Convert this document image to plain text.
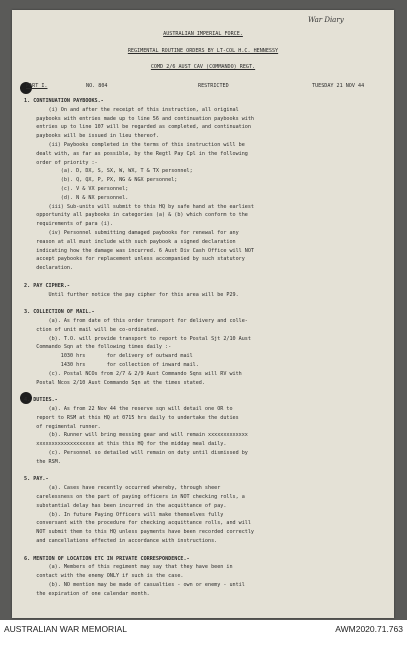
War Diary
AUSTRALIAN IMPERIAL FORCE.
REGIMENTAL ROUTINE ORDERS BY LT-COL H.C. HENNESSY
COMD 2/6 AUST CAV (COMMANDO) REGT.
PART I.	NO. 804	RESTRICTED	TUESDAY 21 NOV 44
1. CONTINUATION PAYBOOKS.-
(i) On and after the receipt of this instruction, all original
paybooks with entries made up to line 56 and continuation paybooks with
entries up to line 107 will be regarded as completed, and continuation
paybooks will be issued in lieu thereof.
(ii) Paybooks completed in the terms of this instruction will be
dealt with, as far as possible, by the Regtl Pay Cpl in the following
order of priority :-
(a). D, DX, S, SX, W, WX, T & TX personnel;
(b). Q, QX, P, PX, NG & NGX personnel;
(c). V & VX personnel;
(d). N & NX personnel.
(iii) Sub-units will submit to this HQ by safe hand at the earliest
opportunity all paybooks in categories (a) & (b) which conform to the
requirements of para (i).
(iv) Personnel submitting damaged paybooks for renewal for any
reason at all must include with such paybook a signed declaration
indicating how the damage was incurred. 6 Aust Div Cash Office will NOT
accept paybooks for replacement unless accompanied by such statutory
declaration.
2. PAY CIPHER.-
Until further notice the pay cipher for this area will be P29.
3. COLLECTION OF MAIL.-
(a). As from date of this order transport for delivery and colle-
ction of unit mail will be co-ordinated.
(b). T.O. will provide transport to report to Postal Sjt 2/10 Aust
Commando Sqn at the following times daily :-
1030 hrs       for delivery of outward mail
1430 hrs       for collection of inward mail.
(c). Postal NCOs from 2/7 & 2/9 Aust Commando Sqns will RV with
Postal Ncos 2/10 Aust Commando Sqn at the times stated.
4. DUTIES.-
(a). As from 22 Nov 44 the reserve sqn will detail one OR to
report to RSM at this HQ at 0715 hrs daily to undertake the duties
of regimental runner.
(b). Runner will bring messing gear and will remain xxxxxxxxxxxxx
xxxxxxxxxxxxxxxxxxx at this this HQ for the midday meal daily.
(c). Personnel so detailed will remain on duty until dismissed by
the RSM.
5. PAY.-
(a). Cases have recently occurred whereby, through sheer
carelessness on the part of paying officers in NOT checking rolls, a
substantial delay has been incurred in the acquittance of pay.
(b). In future Paying Officers will make themselves fully
conversant with the procedure for checking acquittance rolls, and will
NOT submit them to this HQ unless payments have been recorded correctly
and cancellations effected in accordance with instructions.
6. MENTION OF LOCATION ETC IN PRIVATE CORRESPONDENCE.-
(a). Members of this regiment may say that they have been in
contact with the enemy ONLY if such is the case.
(b). NO mention may be made of casualties - own or enemy - until
the expiration of one calendar month.
AUSTRALIAN WAR MEMORIAL	AWM2020.71.763
